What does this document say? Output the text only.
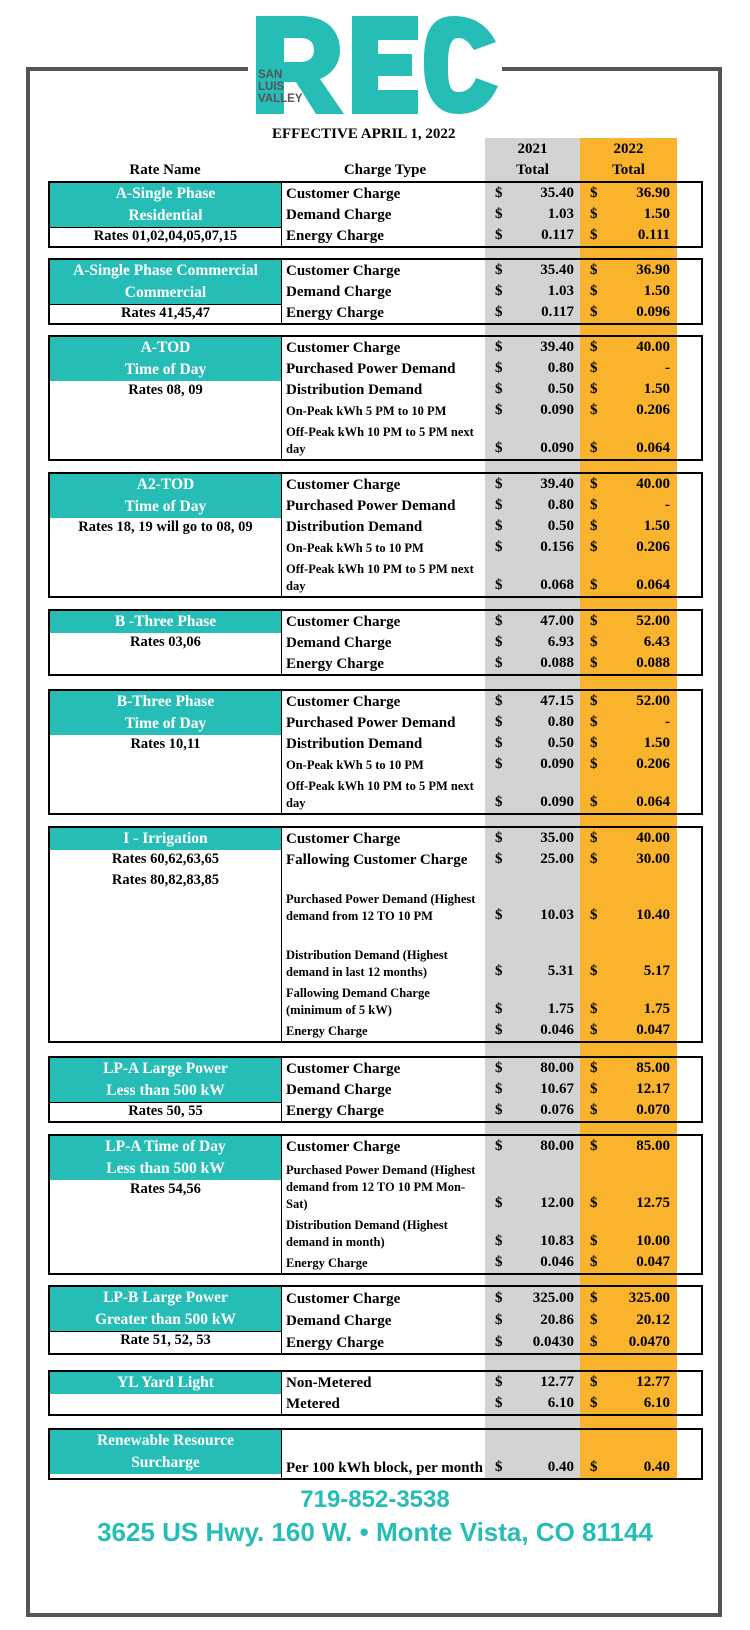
SAN
LUIS
VALLEY
EFFECTIVE APRIL 1, 2022
Rate Name	Charge Type
2021
Total
2022
Total
A-Single Phase
Residential
Rates 01,02,04,05,07,15
Customer Charge	$	35.40 $	36.90
Demand Charge	$	1.03 $	1.50
Energy Charge	$	0.117 $	0.111
A-Single Phase Commercial
Commercial
Rates 41,45,47
Customer Charge	$	35.40 $	36.90
Demand Charge	$	1.03 $	1.50
Energy Charge	$	0.117 $	0.096
A-TOD
Time of Day
Rates 08, 09
Customer Charge	$	39.40 $	40.00
Purchased Power Demand	$	0.80 $	-
Distribution Demand	$	0.50 $	1.50
On-Peak kWh 5 PM to 10 PM	$	0.090 $	0.206
Off-Peak kWh 10 PM to 5 PM next day	$	0.090 $	0.064
A2-TOD
Time of Day
Rates 18, 19 will go to 08, 09
Customer Charge	$	39.40 $	40.00
Purchased Power Demand	$	0.80 $	-
Distribution Demand	$	0.50 $	1.50
On-Peak kWh 5 to 10 PM	$	0.156 $	0.206
Off-Peak kWh 10 PM to 5 PM next day	$	0.068 $	0.064
B -Three Phase
Rates 03,06
Customer Charge	$	47.00 $	52.00
Demand Charge	$	6.93 $	6.43
Energy Charge	$	0.088 $	0.088
B-Three Phase
Time of Day
Rates 10,11
Customer Charge	$	47.15 $	52.00
Purchased Power Demand	$	0.80 $	-
Distribution Demand	$	0.50 $	1.50
On-Peak kWh 5 to 10 PM	$	0.090 $	0.206
Off-Peak kWh 10 PM to 5 PM next day	$	0.090 $	0.064
I - Irrigation
Rates 60,62,63,65
Rates 80,82,83,85
Customer Charge	$	35.00 $	40.00
Fallowing Customer Charge	$	25.00 $	30.00
Purchased Power Demand (Highest demand from 12 TO 10 PM	$	10.03 $	10.40
Distribution Demand (Highest demand in last 12 months)	$	5.31 $	5.17
Fallowing Demand Charge (minimum of 5 kW)	$	1.75 $	1.75
Energy Charge	$	0.046 $	0.047
LP-A Large Power
Less than 500 kW
Rates 50, 55
Customer Charge	$	80.00 $	85.00
Demand Charge	$	10.67 $	12.17
Energy Charge	$	0.076 $	0.070
LP-A Time of Day
Less than 500 kW
Rates 54,56
Customer Charge	$	80.00 $	85.00
Purchased Power Demand (Highest demand from 12 TO 10 PM Mon-Sat)	$	12.00 $	12.75
Distribution Demand (Highest demand in month)	$	10.83 $	10.00
Energy Charge	$	0.046 $	0.047
LP-B Large Power
Greater than 500 kW
Rate 51, 52, 53
Customer Charge	$	325.00 $	325.00
Demand Charge	$	20.86 $	20.12
Energy Charge	$	0.0430 $	0.0470
YL Yard Light	Non-Metered	$	12.77 $	12.77
Metered	$	6.10 $	6.10
Renewable Resource
Surcharge	Per 100 kWh block, per month $	0.40 $	0.40
719-852-3538
3625 US Hwy. 160 W. • Monte Vista, CO 81144
